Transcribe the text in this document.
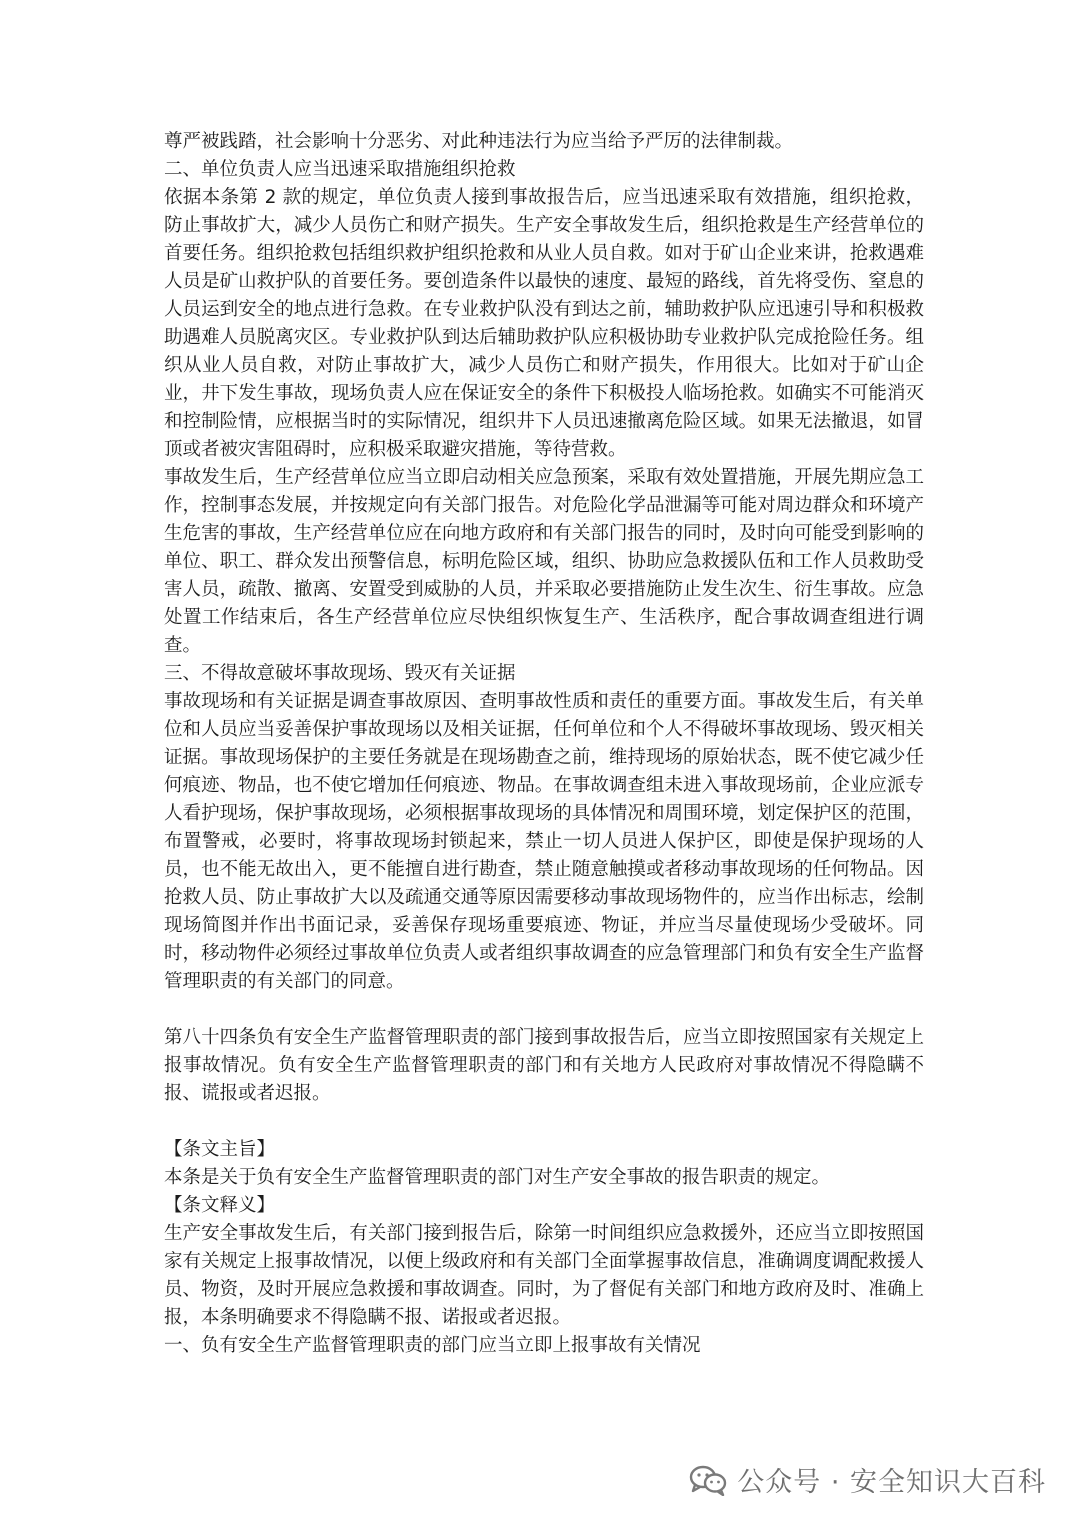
尊严被践踏，社会影响十分恶劣、对此种违法行为应当给予严厉的法律制裁。

二、单位负责人应当迅速采取措施组织抢救

依据本条第 2 款的规定，单位负责人接到事故报告后，应当迅速采取有效措施，组织抢救，防止事故扩大，减少人员伤亡和财产损失。生产安全事故发生后，组织抢救是生产经营单位的首要任务。组织抢救包括组织救护组织抢救和从业人员自救。如对于矿山企业来讲，抢救遇难人员是矿山救护队的首要任务。要创造条件以最快的速度、最短的路线，首先将受伤、窒息的人员运到安全的地点进行急救。在专业救护队没有到达之前，辅助救护队应迅速引导和积极救助遇难人员脱离灾区。专业救护队到达后辅助救护队应积极协助专业救护队完成抢险任务。组织从业人员自救，对防止事故扩大，减少人员伤亡和财产损失，作用很大。比如对于矿山企业，井下发生事故，现场负责人应在保证安全的条件下积极投人临场抢救。如确实不可能消灭和控制险情，应根据当时的实际情况，组织井下人员迅速撤离危险区域。如果无法撤退，如冒顶或者被灾害阻碍时，应积极采取避灾措施，等待营救。

事故发生后，生产经营单位应当立即启动相关应急预案，采取有效处置措施，开展先期应急工作，控制事态发展，并按规定向有关部门报告。对危险化学品泄漏等可能对周边群众和环境产生危害的事故，生产经营单位应在向地方政府和有关部门报告的同时，及时向可能受到影响的单位、职工、群众发出预警信息，标明危险区域，组织、协助应急救援队伍和工作人员救助受害人员，疏散、撤离、安置受到威胁的人员，并采取必要措施防止发生次生、衍生事故。应急处置工作结束后，各生产经营单位应尽快组织恢复生产、生活秩序，配合事故调查组进行调查。

三、不得故意破坏事故现场、毁灭有关证据

事故现场和有关证据是调查事故原因、查明事故性质和责任的重要方面。事故发生后，有关单位和人员应当妥善保护事故现场以及相关证据，任何单位和个人不得破坏事故现场、毁灭相关证据。事故现场保护的主要任务就是在现场勘查之前，维持现场的原始状态，既不使它减少任何痕迹、物品，也不使它增加任何痕迹、物品。在事故调查组未进入事故现场前，企业应派专人看护现场，保护事故现场，必须根据事故现场的具体情况和周围环境，划定保护区的范围，布置警戒，必要时，将事故现场封锁起来，禁止一切人员进人保护区，即使是保护现场的人员，也不能无故出入，更不能擅自进行勘查，禁止随意触摸或者移动事故现场的任何物品。因抢救人员、防止事故扩大以及疏通交通等原因需要移动事故现场物件的，应当作出标志，绘制现场简图并作出书面记录，妥善保存现场重要痕迹、物证，并应当尽量使现场少受破坏。同时，移动物件必须经过事故单位负责人或者组织事故调查的应急管理部门和负有安全生产监督管理职责的有关部门的同意。

第八十四条负有安全生产监督管理职责的部门接到事故报告后，应当立即按照国家有关规定上报事故情况。负有安全生产监督管理职责的部门和有关地方人民政府对事故情况不得隐瞒不报、谎报或者迟报。

【条文主旨】

本条是关于负有安全生产监督管理职责的部门对生产安全事故的报告职责的规定。

【条文释义】

生产安全事故发生后，有关部门接到报告后，除第一时间组织应急救援外，还应当立即按照国家有关规定上报事故情况，以便上级政府和有关部门全面掌握事故信息，准确调度调配救援人员、物资，及时开展应急救援和事故调查。同时，为了督促有关部门和地方政府及时、准确上报，本条明确要求不得隐瞒不报、诺报或者迟报。

一、负有安全生产监督管理职责的部门应当立即上报事故有关情况

公众号 · 安全知识大百科
